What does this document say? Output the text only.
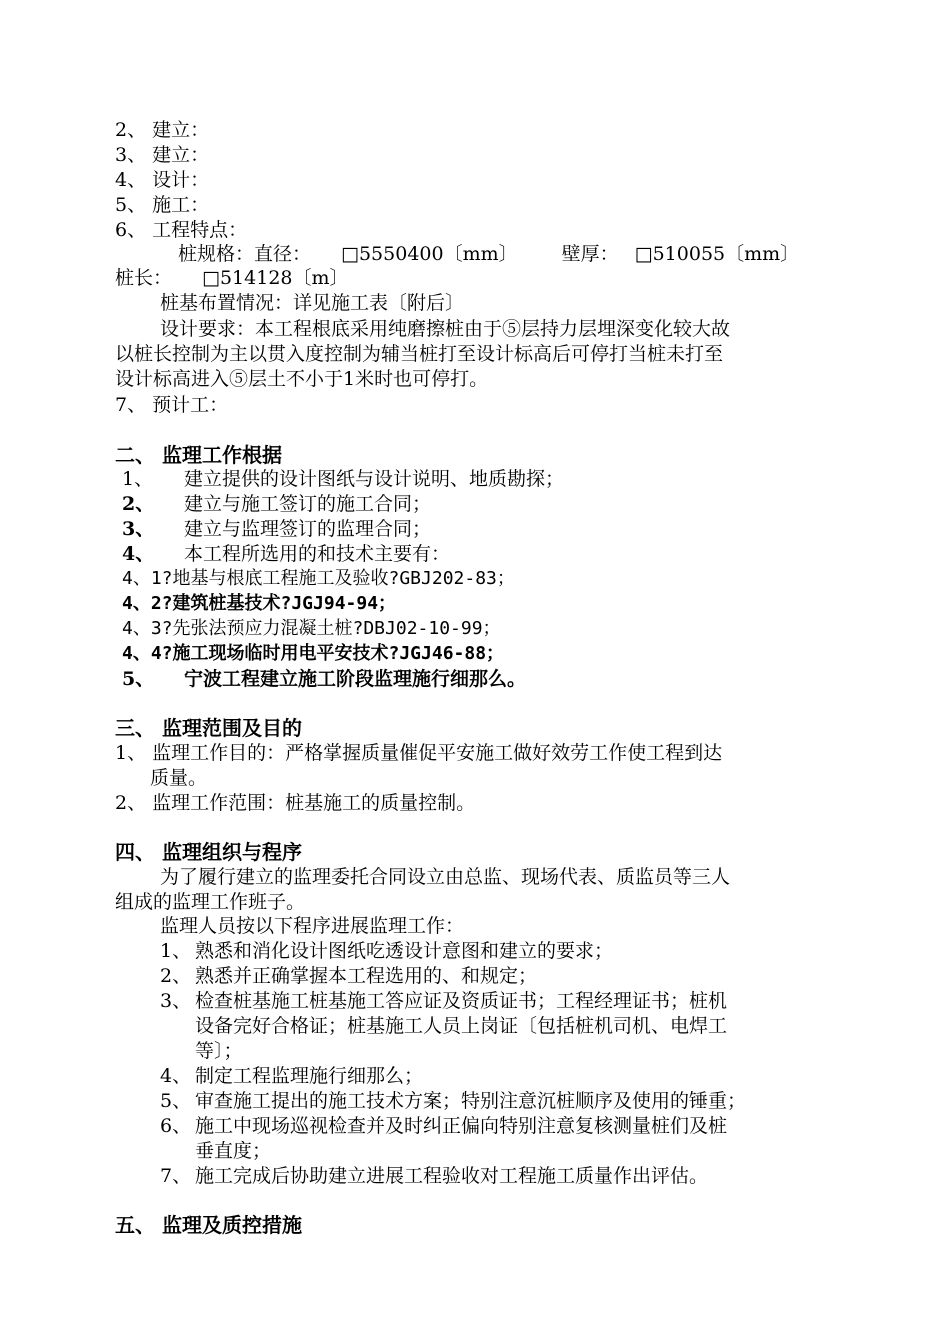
2、 建立：
3、 建立：
4、 设计：
5、 施工：
6、 工程特点：
桩规格：直径： □5550400〔mm〕 壁厚： □510055〔mm〕
桩长： □514128〔m〕
桩基布置情况：详见施工表〔附后〕
设计要求：本工程根底采用纯磨擦桩由于⑤层持力层埋深变化较大故
以桩长控制为主以贯入度控制为辅当桩打至设计标高后可停打当桩未打至
设计标高进入⑤层土不小于1米时也可停打。
7、 预计工：
二、 监理工作根据
1、 建立提供的设计图纸与设计说明、地质勘探；
2、 建立与施工签订的施工合同；
3、 建立与监理签订的监理合同；
4、 本工程所选用的和技术主要有：
4、1?地基与根底工程施工及验收?GBJ202-83；
4、2?建筑桩基技术?JGJ94-94；
4、3?先张法预应力混凝土桩?DBJ02-10-99；
4、4?施工现场临时用电平安技术?JGJ46-88；
5、 宁波工程建立施工阶段监理施行细那么。
三、 监理范围及目的
1、 监理工作目的：严格掌握质量催促平安施工做好效劳工作使工程到达
质量。
2、 监理工作范围：桩基施工的质量控制。
四、 监理组织与程序
为了履行建立的监理委托合同设立由总监、现场代表、质监员等三人
组成的监理工作班子。
监理人员按以下程序进展监理工作：
1、 熟悉和消化设计图纸吃透设计意图和建立的要求；
2、 熟悉并正确掌握本工程选用的、和规定；
3、 检查桩基施工桩基施工答应证及资质证书；工程经理证书；桩机
设备完好合格证；桩基施工人员上岗证〔包括桩机司机、电焊工
等〕；
4、 制定工程监理施行细那么；
5、 审查施工提出的施工技术方案；特别注意沉桩顺序及使用的锤重；
6、 施工中现场巡视检查并及时纠正偏向特别注意复核测量桩们及桩
垂直度；
7、 施工完成后协助建立进展工程验收对工程施工质量作出评估。
五、 监理及质控措施
